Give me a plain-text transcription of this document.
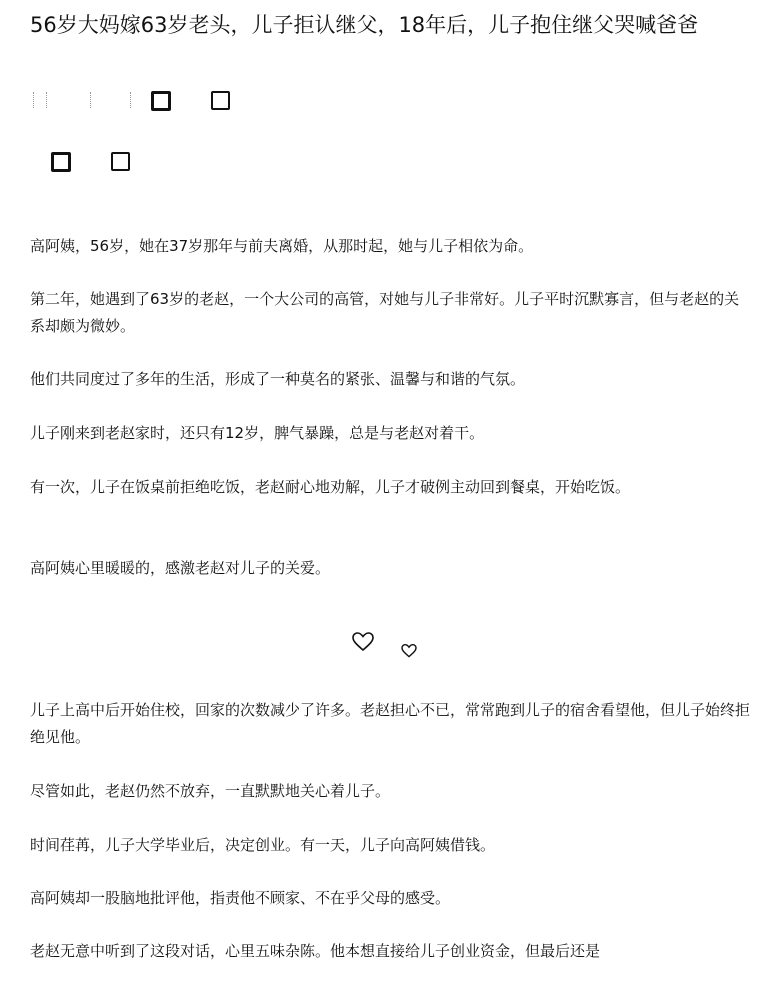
56岁大妈嫁63岁老头，儿子拒认继父，18年后，儿子抱住继父哭喊爸爸

高阿姨，56岁，她在37岁那年与前夫离婚，从那时起，她与儿子相依为命。

第二年，她遇到了63岁的老赵，一个大公司的高管，对她与儿子非常好。儿子平时沉默寡言，但与老赵的关系却颇为微妙。

他们共同度过了多年的生活，形成了一种莫名的紧张、温馨与和谐的气氛。

儿子刚来到老赵家时，还只有12岁，脾气暴躁，总是与老赵对着干。

有一次，儿子在饭桌前拒绝吃饭，老赵耐心地劝解，儿子才破例主动回到餐桌，开始吃饭。

高阿姨心里暖暖的，感激老赵对儿子的关爱。

儿子上高中后开始住校，回家的次数减少了许多。老赵担心不已，常常跑到儿子的宿舍看望他，但儿子始终拒绝见他。

尽管如此，老赵仍然不放弃，一直默默地关心着儿子。

时间荏苒，儿子大学毕业后，决定创业。有一天，儿子向高阿姨借钱。

高阿姨却一股脑地批评他，指责他不顾家、不在乎父母的感受。

老赵无意中听到了这段对话，心里五味杂陈。他本想直接给儿子创业资金，但最后还是
